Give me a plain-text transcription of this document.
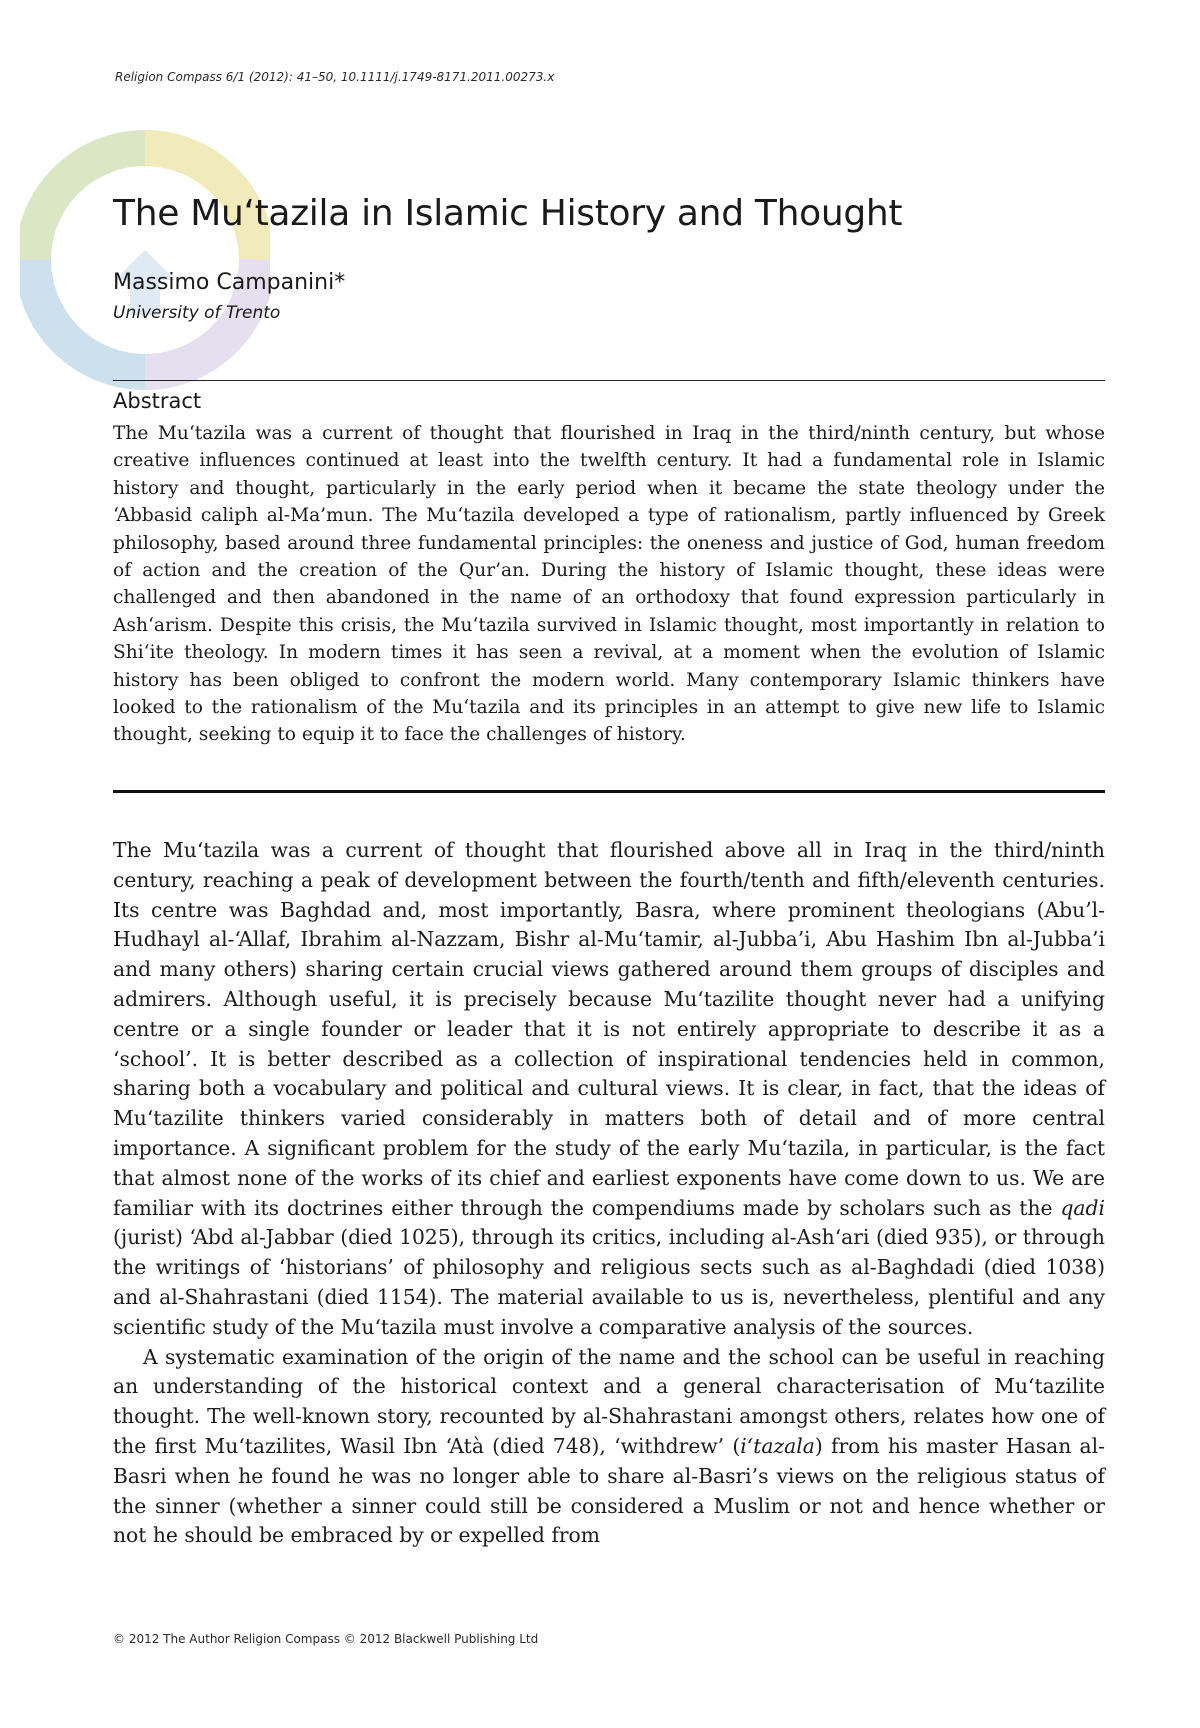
Religion Compass 6/1 (2012): 41–50, 10.1111/j.1749-8171.2011.00273.x
The Mu‘tazila in Islamic History and Thought
Massimo Campanini*
University of Trento
Abstract

The Mu‘tazila was a current of thought that flourished in Iraq in the third/ninth century, but whose creative influences continued at least into the twelfth century. It had a fundamental role in Islamic history and thought, particularly in the early period when it became the state theology under the ‘Abbasid caliph al-Ma’mun. The Mu‘tazila developed a type of rationalism, partly influenced by Greek philosophy, based around three fundamental principles: the oneness and justice of God, human freedom of action and the creation of the Qur’an. During the history of Islamic thought, these ideas were challenged and then abandoned in the name of an orthodoxy that found expression particularly in Ash‘arism. Despite this crisis, the Mu‘tazila survived in Islamic thought, most importantly in relation to Shi‘ite theology. In modern times it has seen a revival, at a moment when the evolution of Islamic history has been obliged to confront the modern world. Many contemporary Islamic thinkers have looked to the rationalism of the Mu‘tazila and its principles in an attempt to give new life to Islamic thought, seeking to equip it to face the challenges of history.

The Mu‘tazila was a current of thought that flourished above all in Iraq in the third/ninth century, reaching a peak of development between the fourth/tenth and fifth/eleventh centuries. Its centre was Baghdad and, most importantly, Basra, where prominent theologians (Abu’l-Hudhayl al-‘Allaf, Ibrahim al-Nazzam, Bishr al-Mu‘tamir, al-Jubba’i, Abu Hashim Ibn al-Jubba’i and many others) sharing certain crucial views gathered around them groups of disciples and admirers. Although useful, it is precisely because Mu‘tazilite thought never had a unifying centre or a single founder or leader that it is not entirely appropriate to describe it as a ‘school’. It is better described as a collection of inspirational tendencies held in common, sharing both a vocabulary and political and cultural views. It is clear, in fact, that the ideas of Mu‘tazilite thinkers varied considerably in matters both of detail and of more central importance. A significant problem for the study of the early Mu‘tazila, in particular, is the fact that almost none of the works of its chief and earliest exponents have come down to us. We are familiar with its doctrines either through the compendiums made by scholars such as the qadi (jurist) ‘Abd al-Jabbar (died 1025), through its critics, including al-Ash‘ari (died 935), or through the writings of ‘historians’ of philosophy and religious sects such as al-Baghdadi (died 1038) and al-Shahrastani (died 1154). The material available to us is, nevertheless, plentiful and any scientific study of the Mu‘tazila must involve a comparative analysis of the sources.

A systematic examination of the origin of the name and the school can be useful in reaching an understanding of the historical context and a general characterisation of Mu‘tazilite thought. The well-known story, recounted by al-Shahrastani amongst others, relates how one of the first Mu‘tazilites, Wasil Ibn ‘Atà (died 748), ‘withdrew’ (i‘tazala) from his master Hasan al-Basri when he found he was no longer able to share al-Basri’s views on the religious status of the sinner (whether a sinner could still be considered a Muslim or not and hence whether or not he should be embraced by or expelled from

© 2012 The Author Religion Compass © 2012 Blackwell Publishing Ltd
